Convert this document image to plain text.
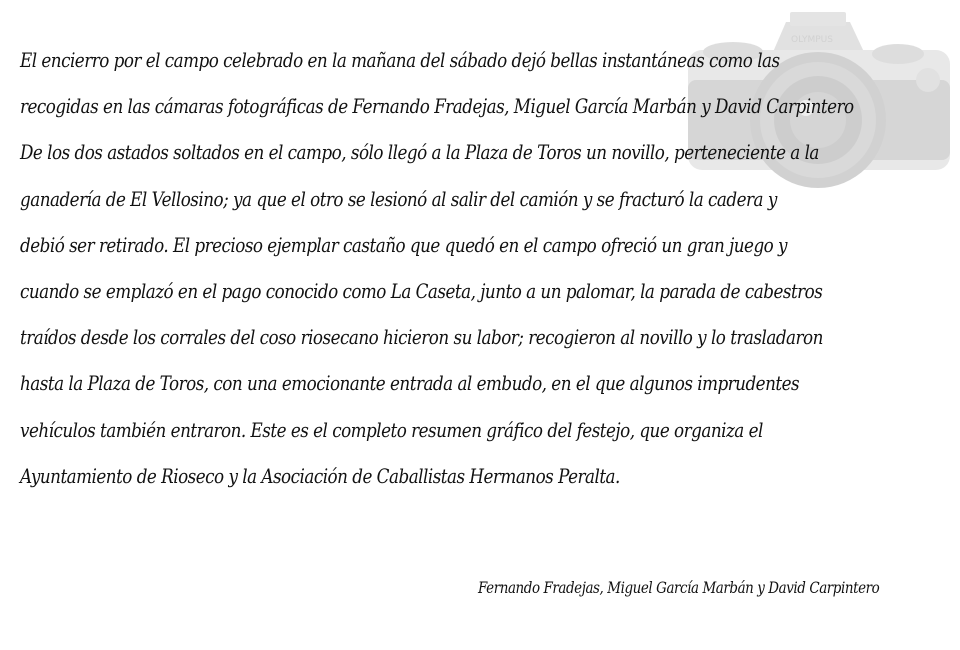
OLYMPUS
El encierro por el campo celebrado en la mañana del sábado dejó bellas instantáneas como las
recogidas en las cámaras fotográficas de Fernando Fradejas, Miguel García Marbán y David Carpintero
De los dos astados soltados en el campo, sólo llegó a la Plaza de Toros un novillo, perteneciente a la
ganadería de El Vellosino; ya que el otro se lesionó al salir del camión y se fracturó la cadera y
debió ser retirado. El precioso ejemplar castaño que quedó en el campo ofreció un gran juego y
cuando se emplazó en el pago conocido como La Caseta, junto a un palomar, la parada de cabestros
traídos desde los corrales del coso riosecano hicieron su labor; recogieron al novillo y lo trasladaron
hasta la Plaza de Toros, con una emocionante entrada al embudo, en el que algunos imprudentes
vehículos también entraron. Este es el completo resumen gráfico del festejo, que organiza el
Ayuntamiento de Rioseco y la Asociación de Caballistas Hermanos Peralta.
Fernando Fradejas, Miguel García Marbán y David Carpintero
